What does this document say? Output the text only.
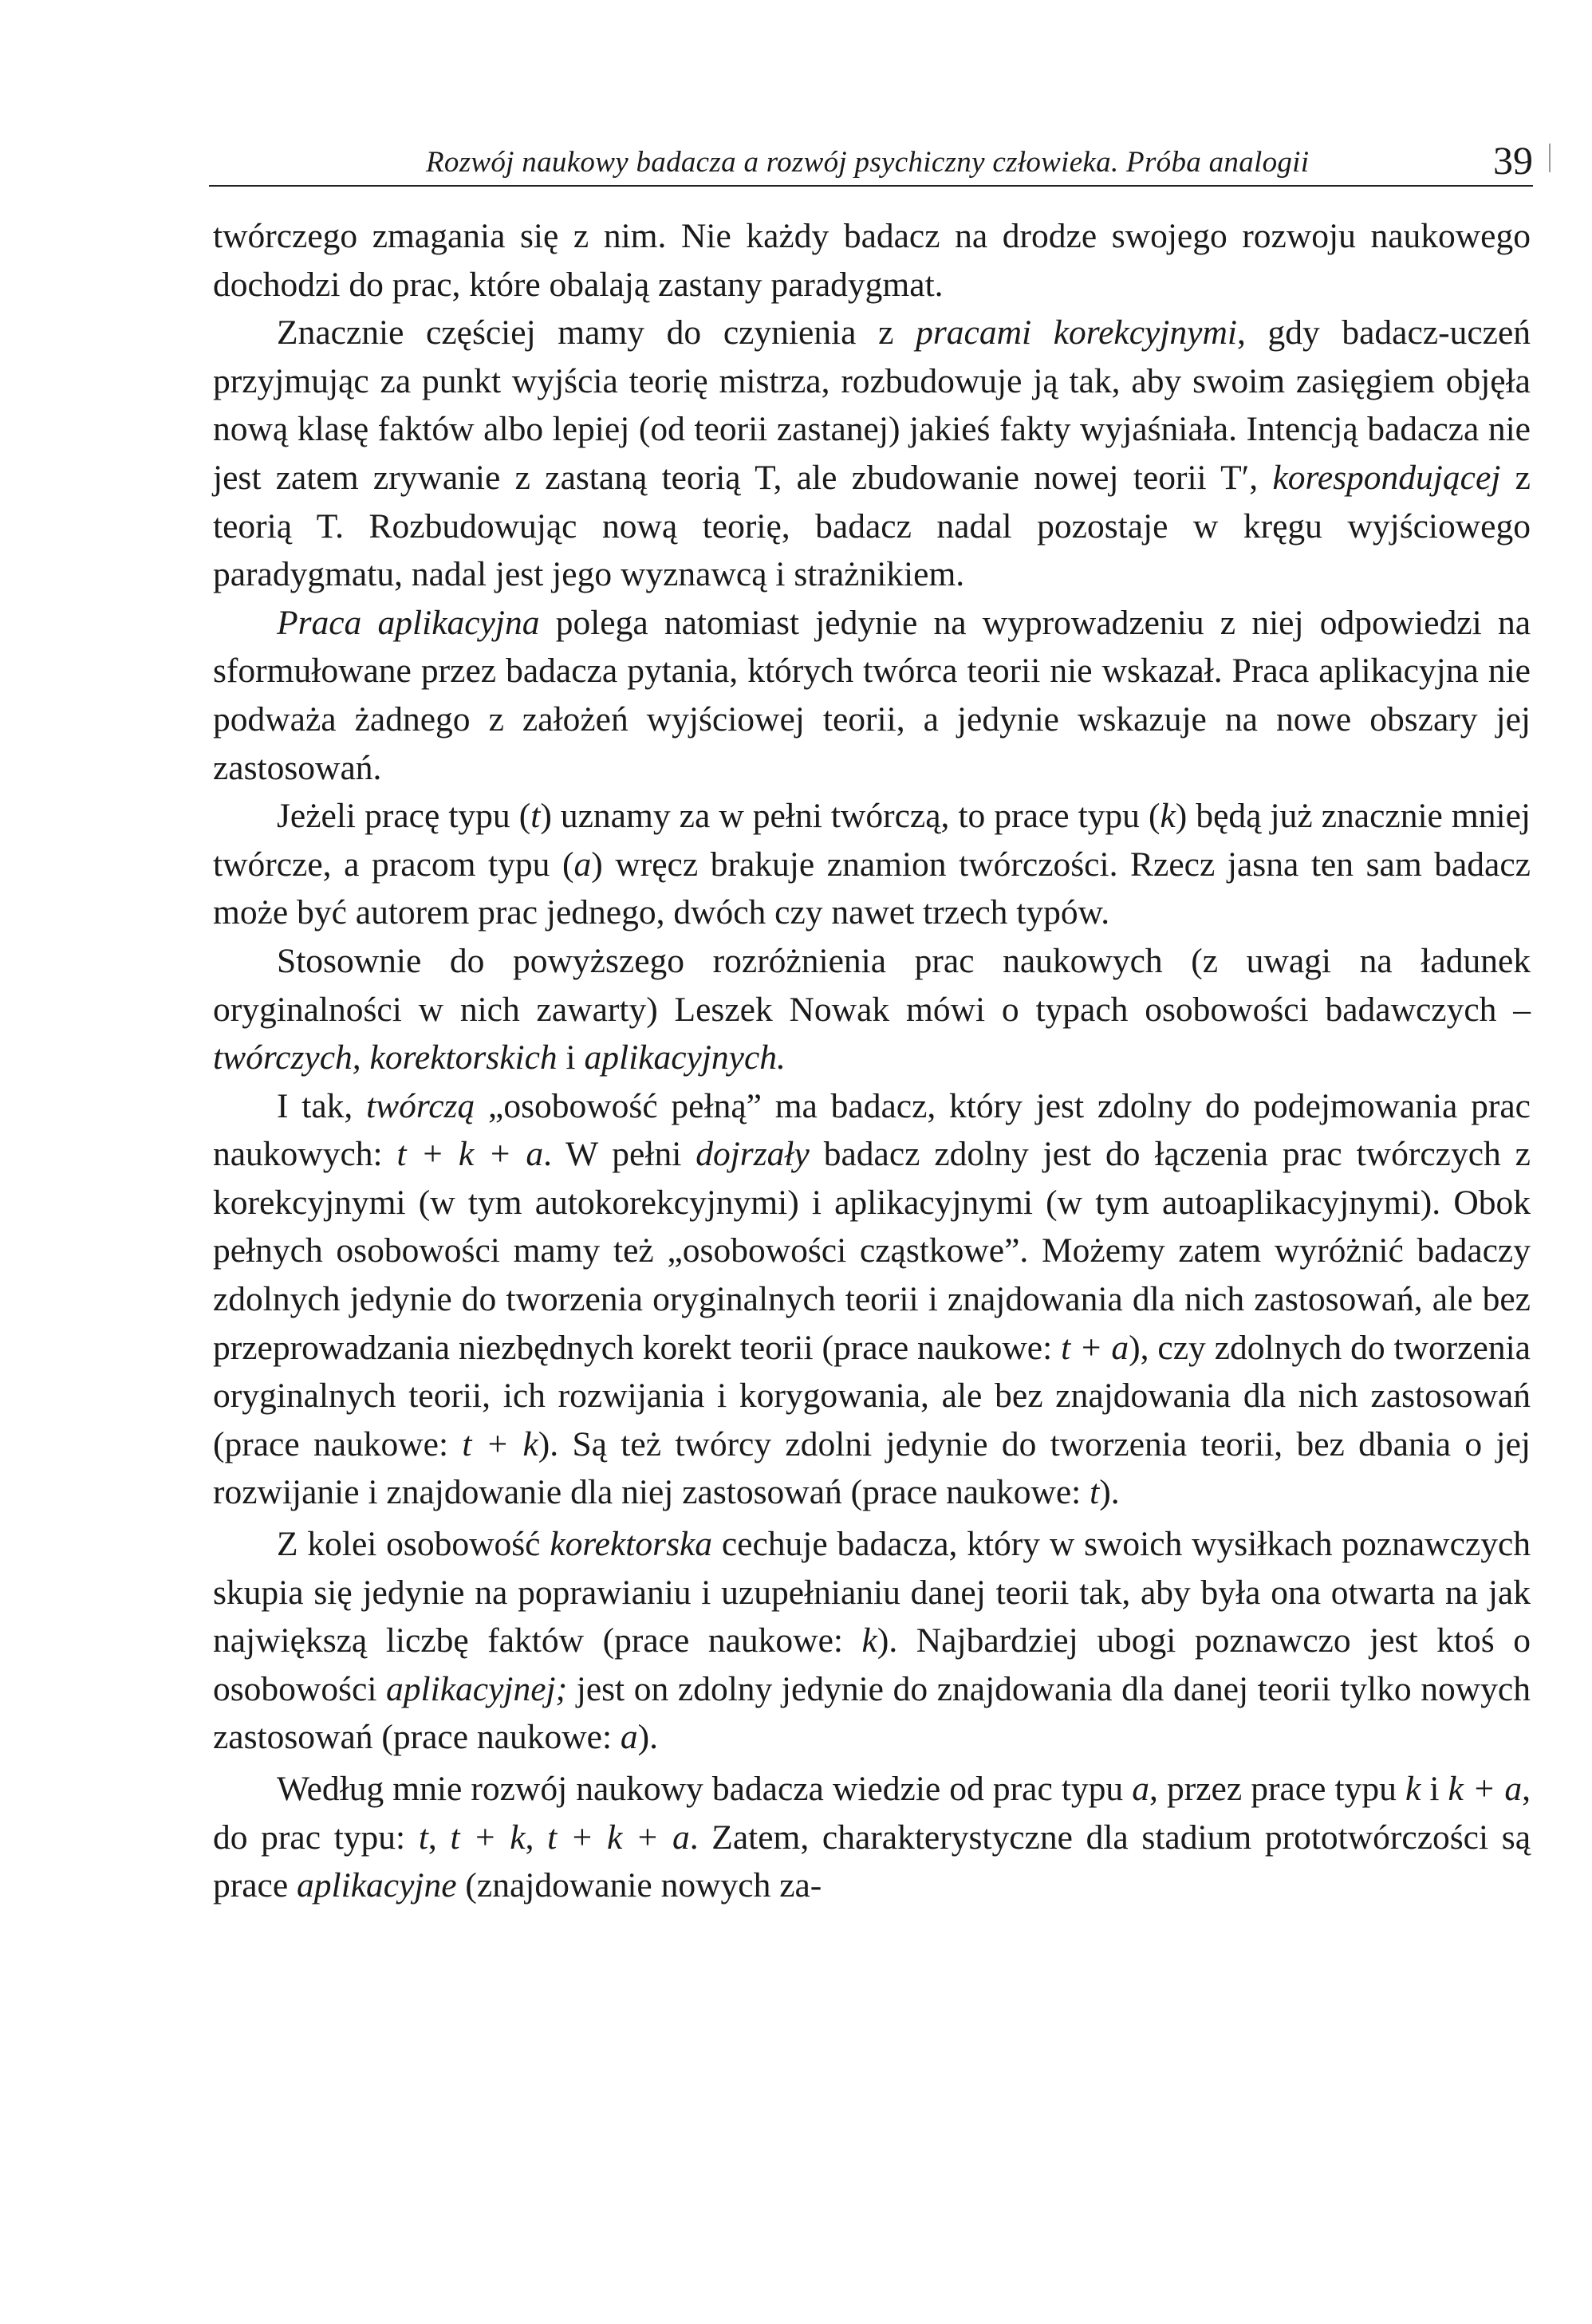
Rozwój naukowy badacza a rozwój psychiczny człowieka. Próba analogii	39

twórczego zmagania się z nim. Nie każdy badacz na drodze swojego rozwoju naukowego dochodzi do prac, które obalają zastany paradygmat.

Znacznie częściej mamy do czynienia z pracami korekcyjnymi, gdy badacz-uczeń przyjmując za punkt wyjścia teorię mistrza, rozbudowuje ją tak, aby swoim zasięgiem objęła nową klasę faktów albo lepiej (od teorii zastanej) jakieś fakty wyjaśniała. Intencją badacza nie jest zatem zrywanie z zastaną teorią T, ale zbudowanie nowej teorii T′, korespondującej z teorią T. Rozbudowując nową teorię, badacz nadal pozostaje w kręgu wyjściowego paradygmatu, nadal jest jego wyznawcą i strażnikiem.

Praca aplikacyjna polega natomiast jedynie na wyprowadzeniu z niej odpowiedzi na sformułowane przez badacza pytania, których twórca teorii nie wskazał. Praca aplikacyjna nie podważa żadnego z założeń wyjściowej teorii, a jedynie wskazuje na nowe obszary jej zastosowań.

Jeżeli pracę typu (t) uznamy za w pełni twórczą, to prace typu (k) będą już znacznie mniej twórcze, a pracom typu (a) wręcz brakuje znamion twórczości. Rzecz jasna ten sam badacz może być autorem prac jednego, dwóch czy nawet trzech typów.

Stosownie do powyższego rozróżnienia prac naukowych (z uwagi na ładunek oryginalności w nich zawarty) Leszek Nowak mówi o typach osobowości badawczych – twórczych, korektorskich i aplikacyjnych.

I tak, twórczą „osobowość pełną” ma badacz, który jest zdolny do podejmowania prac naukowych: t + k + a. W pełni dojrzały badacz zdolny jest do łączenia prac twórczych z korekcyjnymi (w tym autokorekcyjnymi) i aplikacyjnymi (w tym autoaplikacyjnymi). Obok pełnych osobowości mamy też „osobowości cząstkowe”. Możemy zatem wyróżnić badaczy zdolnych jedynie do tworzenia oryginalnych teorii i znajdowania dla nich zastosowań, ale bez przeprowadzania niezbędnych korekt teorii (prace naukowe: t + a), czy zdolnych do tworzenia oryginalnych teorii, ich rozwijania i korygowania, ale bez znajdowania dla nich zastosowań (prace naukowe: t + k). Są też twórcy zdolni jedynie do tworzenia teorii, bez dbania o jej rozwijanie i znajdowanie dla niej zastosowań (prace naukowe: t).

Z kolei osobowość korektorska cechuje badacza, który w swoich wysiłkach poznawczych skupia się jedynie na poprawianiu i uzupełnianiu danej teorii tak, aby była ona otwarta na jak największą liczbę faktów (prace naukowe: k). Najbardziej ubogi poznawczo jest ktoś o osobowości aplikacyjnej; jest on zdolny jedynie do znajdowania dla danej teorii tylko nowych zastosowań (prace naukowe: a).

Według mnie rozwój naukowy badacza wiedzie od prac typu a, przez prace typu k i k + a, do prac typu: t, t + k, t + k + a. Zatem, charakterystyczne dla stadium prototwórczości są prace aplikacyjne (znajdowanie nowych za-
